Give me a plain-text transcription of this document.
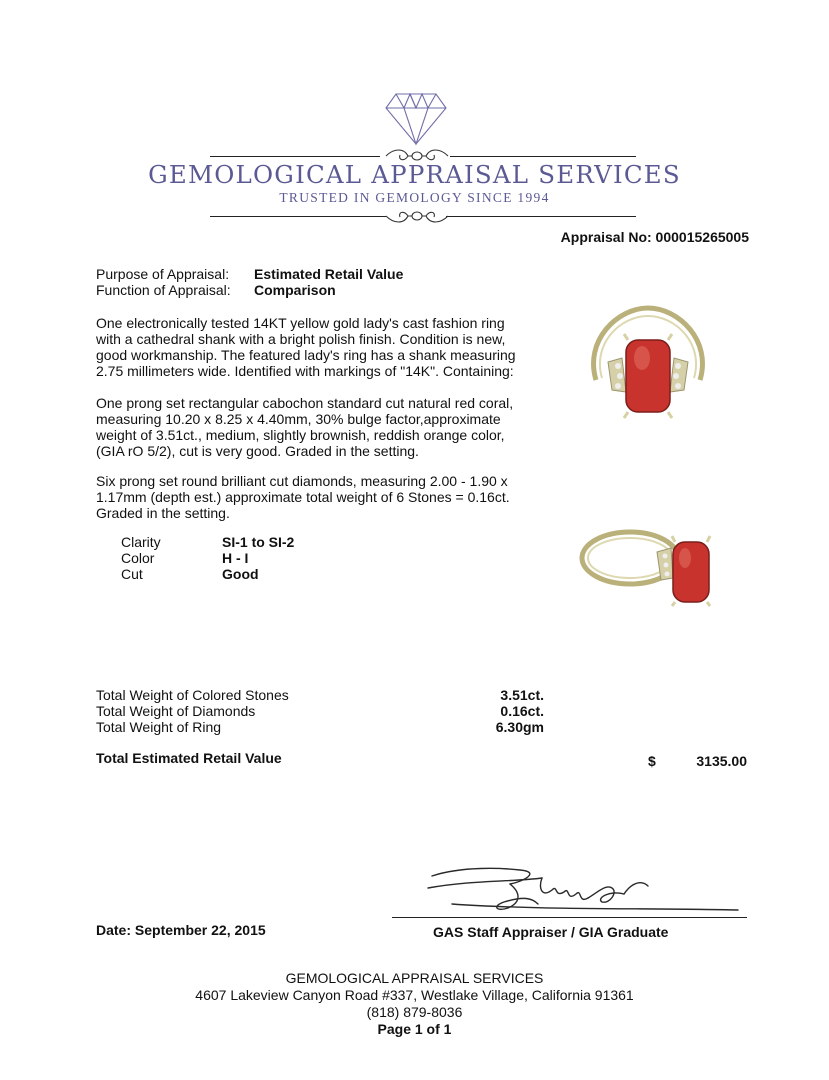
GEMOLOGICAL APPRAISAL SERVICES
TRUSTED IN GEMOLOGY SINCE 1994
Appraisal No: 000015265005
Purpose of Appraisal:	Estimated Retail Value
Function of Appraisal:	Comparison
One electronically tested 14KT yellow gold lady's cast fashion ring with a cathedral shank with a bright polish finish. Condition is new, good workmanship. The featured lady's ring has a shank measuring 2.75 millimeters wide. Identified with markings of "14K". Containing:
One prong set rectangular cabochon standard cut natural red coral, measuring 10.20 x 8.25 x 4.40mm, 30% bulge factor,approximate weight of 3.51ct., medium, slightly brownish, reddish orange color, (GIA rO 5/2), cut is very good. Graded in the setting.
Six prong set round brilliant cut diamonds, measuring 2.00 - 1.90 x 1.17mm (depth est.) approximate total weight of 6 Stones = 0.16ct. Graded in the setting.
Clarity	SI-1 to SI-2
Color	H - I
Cut	Good
Total Weight of Colored Stones	3.51ct.
Total Weight of Diamonds	0.16ct.
Total Weight of Ring	6.30gm
Total Estimated Retail Value	$	3135.00
Date: September 22, 2015	GAS Staff Appraiser / GIA Graduate
GEMOLOGICAL APPRAISAL SERVICES
4607 Lakeview Canyon Road #337, Westlake Village, California 91361
(818) 879-8036
Page 1 of 1
